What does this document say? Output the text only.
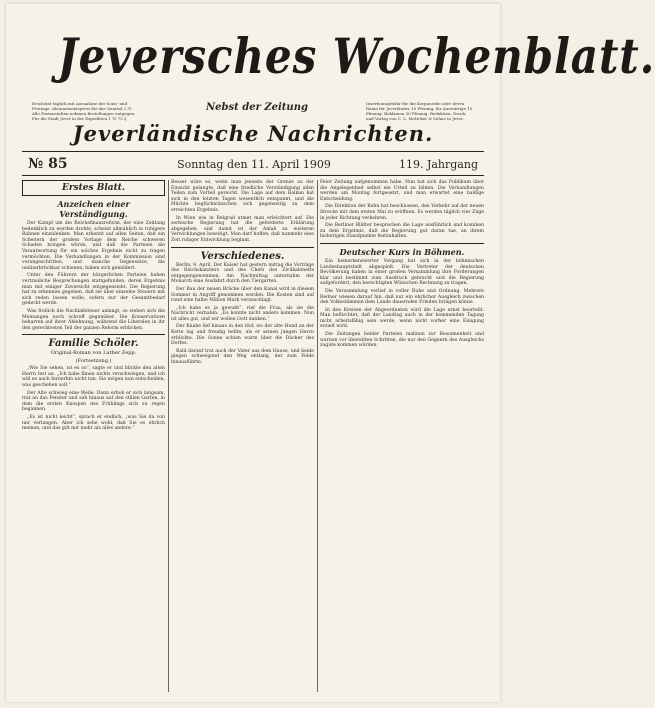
Jeversches Wochenblatt.
Erscheint täglich mit Ausnahme der Sonn- und Festtage. Abonnementspreis für das Quartal 2 ℳ. Alle Postanstalten nehmen Bestellungen entgegen. Für die Stadt Jever in der Expedition 1 ℳ 75 ₰.
Nebst der Zeitung	Insertionsgebühr für die Korpuszeile oder deren Raum für Jeverländer 10 Pfennig, für Auswärtige 15 Pfennig. Reklamen 30 Pfennig. Redaktion, Druck und Verlag von C. L. Mettcker & Söhne in Jever.
Jeverländische Nachrichten.
№ 85	Sonntag den 11. April 1909	119. Jahrgang
Erstes Blatt.
Anzeichen einer Verständigung.

Der Kampf um die Reichsfinanzreform, der eine Zeitlang bedenklich zu werden drohte, scheint allmählich in ruhigere Bahnen einzulenken. Man erkennt auf allen Seiten, daß ein Scheitern der großen Vorlage dem Reiche schweren Schaden bringen würde, und daß die Parteien die Verantwortung für ein solches Ergebnis nicht zu tragen vermöchten. Die Verhandlungen in der Kommission sind vorangeschritten, und manche Gegensätze, die unüberbrückbar schienen, haben sich gemildert.

Unter den Führern der bürgerlichen Parteien haben vertrauliche Besprechungen stattgefunden, deren Ergebnis man mit einiger Zuversicht entgegensieht. Die Regierung hat zu erkennen gegeben, daß sie über einzelne Steuern mit sich reden lassen wolle, sofern nur der Gesamtbedarf gedeckt werde.

Was freilich die Nachlaßsteuer anlangt, so stehen sich die Meinungen noch schroff gegenüber. Die Konservativen beharren auf ihrer Ablehnung, während die Liberalen in ihr den gerechtesten Teil der ganzen Reform erblicken.

Familie Schöler.
Original-Roman von Luther Zepp.
(Fortsetzung.)

„Wie Sie sehen, ist es so“, sagte er und blickte den alten Herrn fest an. „Ich habe Ihnen nichts verschwiegen, und ich will es auch fernerhin nicht tun. Sie mögen nun entscheiden, was geschehen soll.“

Der Alte schwieg eine Weile. Dann erhob er sich langsam, trat an das Fenster und sah hinaus auf den stillen Garten, in dem die ersten Knospen des Frühlings sich zu regen begannen.

„Es ist nicht leicht“, sprach er endlich, „was Sie da von mir verlangen. Aber ich sehe wohl, daß Sie es ehrlich meinen, und das gilt mir mehr als alles andere.“

Besser wäre es, wenn man jenseits der Grenze zu der Einsicht gelangte, daß eine friedliche Verständigung allen Teilen zum Vorteil gereicht. Die Lage auf dem Balkan hat sich in den letzten Tagen wesentlich entspannt, und die Mächte beglückwünschen sich gegenseitig zu dem erreichten Ergebnis.

In Wien wie in Belgrad atmet man erleichtert auf. Die serbische Regierung hat die geforderte Erklärung abgegeben, und damit ist der Anlaß zu weiteren Verwicklungen beseitigt. Man darf hoffen, daß nunmehr eine Zeit ruhiger Entwicklung beginnt.

Verschiedenes.

Berlin, 9. April. Der Kaiser hat gestern mittag die Vorträge des Reichskanzlers und des Chefs des Zivilkabinetts entgegengenommen. Am Nachmittag unternahm der Monarch eine Ausfahrt durch den Tiergarten.

Der Bau der neuen Brücke über den Kanal wird in diesem Sommer in Angriff genommen werden. Die Kosten sind auf rund eine halbe Million Mark veranschlagt.

„Ich habe es ja gewußt“, rief die Frau, als sie die Nachricht vernahm. „Es konnte nicht anders kommen. Nun ist alles gut, und wir wollen Gott danken.“

Der Knabe lief hinaus in den Hof, wo der alte Hund an der Kette lag und freudig bellte, als er seinen jungen Herrn erblickte. Die Sonne schien warm über die Dächer des Dorfes.

Bald darauf trat auch der Vater aus dem Hause, und beide gingen schweigend den Weg entlang, der zum Felde hinausführte.

Feier Zeitung aufgenommen habe. Nun hat sich das Publikum über die Angelegenheit selbst ein Urteil zu bilden. Die Verhandlungen werden am Montag fortgesetzt, und man erwartet eine baldige Entscheidung.

Die Direktion der Bahn hat beschlossen, den Verkehr auf der neuen Strecke mit dem ersten Mai zu eröffnen. Es werden täglich vier Züge in jeder Richtung verkehren.

Die Berliner Blätter besprechen die Lage ausführlich und kommen zu dem Ergebnis, daß die Regierung gut daran tue, an ihrem bisherigen Standpunkte festzuhalten.

Deutscher Kurs in Böhmen.

Ein bemerkenswerter Vorgang hat sich in der böhmischen Landeshauptstadt abgespielt. Die Vertreter der deutschen Bevölkerung haben in einer großen Versammlung ihre Forderungen klar und bestimmt zum Ausdruck gebracht und die Regierung aufgefordert, den berechtigten Wünschen Rechnung zu tragen.

Die Versammlung verlief in voller Ruhe und Ordnung. Mehrere Redner wiesen darauf hin, daß nur ein ehrlicher Ausgleich zwischen den Volksstämmen dem Lande dauernden Frieden bringen könne.

In den Kreisen der Abgeordneten wird die Lage ernst beurteilt. Man befürchtet, daß der Landtag auch in der kommenden Tagung nicht arbeitsfähig sein werde, wenn nicht vorher eine Einigung erzielt wird.

Die Zeitungen beider Parteien mahnen zur Besonnenheit und warnen vor übereilten Schritten, die nur den Gegnern des Ausgleichs zugute kommen würden.
